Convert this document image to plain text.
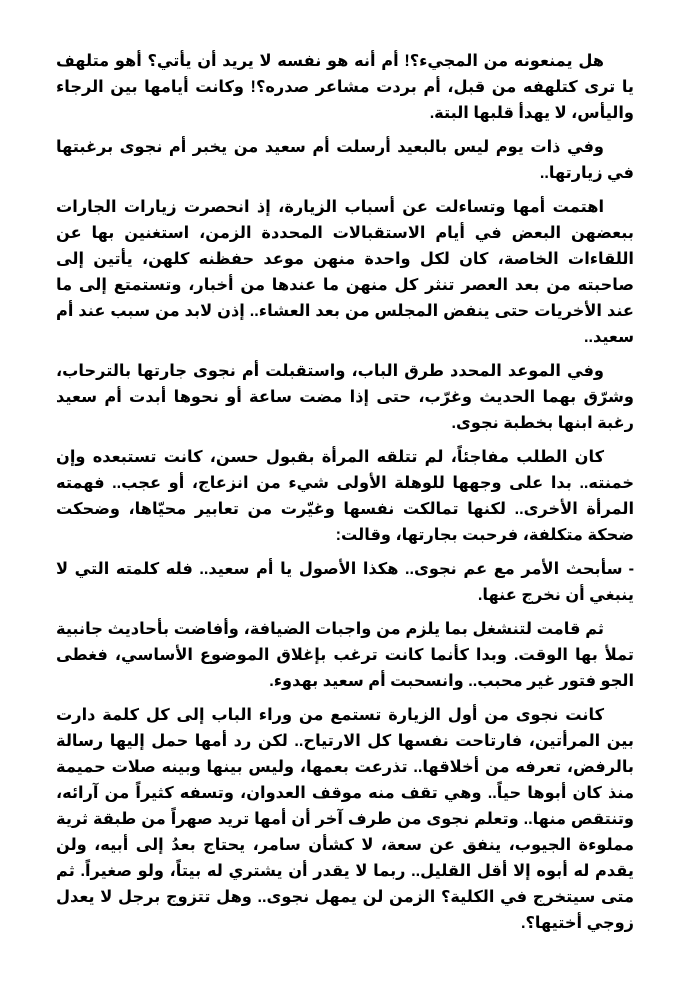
هل يمنعونه من المجيء؟! أم أنه هو نفسه لا يريد أن يأتي؟ أهو متلهف يا ترى كتلهفه من قبل، أم بردت مشاعر صدره؟! وكانت أيامها بين الرجاء واليأس، لا يهدأ قلبها البتة.

وفي ذات يوم ليس بالبعيد أرسلت أم سعيد من يخبر أم نجوى برغبتها في زيارتها..

اهتمت أمها وتساءلت عن أسباب الزيارة، إذ انحصرت زيارات الجارات ببعضهن البعض في أيام الاستقبالات المحددة الزمن، استغنين بها عن اللقاءات الخاصة، كان لكل واحدة منهن موعد حفظنه كلهن، يأتين إلى صاحبته من بعد العصر تنثر كل منهن ما عندها من أخبار، وتستمتع إلى ما عند الأخريات حتى ينفض المجلس من بعد العشاء.. إذن لابد من سبب عند أم سعيد..

وفي الموعد المحدد طرق الباب، واستقبلت أم نجوى جارتها بالترحاب، وشرّق بهما الحديث وغرّب، حتى إذا مضت ساعة أو نحوها أبدت أم سعيد رغبة ابنها بخطبة نجوى.

كان الطلب مفاجئاً، لم تتلقه المرأة بقبول حسن، كانت تستبعده وإن خمنته.. بدا على وجهها للوهلة الأولى شيء من انزعاج، أو عجب.. فهمته المرأة الأخرى.. لكنها تمالكت نفسها وغيّرت من تعابير محيّاها، وضحكت ضحكة متكلفة، فرحبت بجارتها، وقالت:

-سأبحث الأمر مع عم نجوى.. هكذا الأصول يا أم سعيد.. فله كلمته التي لا ينبغي أن نخرج عنها.

ثم قامت لتنشغل بما يلزم من واجبات الضيافة، وأفاضت بأحاديث جانبية تملأ بها الوقت. وبدا كأنما كانت ترغب بإغلاق الموضوع الأساسي، فغطى الجو فتور غير محبب.. وانسحبت أم سعيد بهدوء.

كانت نجوى من أول الزيارة تستمع من وراء الباب إلى كل كلمة دارت بين المرأتين، فارتاحت نفسها كل الارتياح.. لكن رد أمها حمل إليها رسالة بالرفض، تعرفه من أخلاقها.. تذرعت بعمها، وليس بينها وبينه صلات حميمة منذ كان أبوها حياً.. وهي تقف منه موقف العدوان، وتسفه كثيراً من آرائه، وتنتقص منها.. وتعلم نجوى من طرف آخر أن أمها تريد صهراً من طبقة ثرية مملوءة الجيوب، ينفق عن سعة، لا كشأن سامر، يحتاج بعدُ إلى أبيه، ولن يقدم له أبوه إلا أقل القليل.. ربما لا يقدر أن يشتري له بيتاً، ولو صغيراً. ثم متى سيتخرج في الكلية؟ الزمن لن يمهل نجوى.. وهل تتزوج برجل لا يعدل زوجي أختيها؟.
